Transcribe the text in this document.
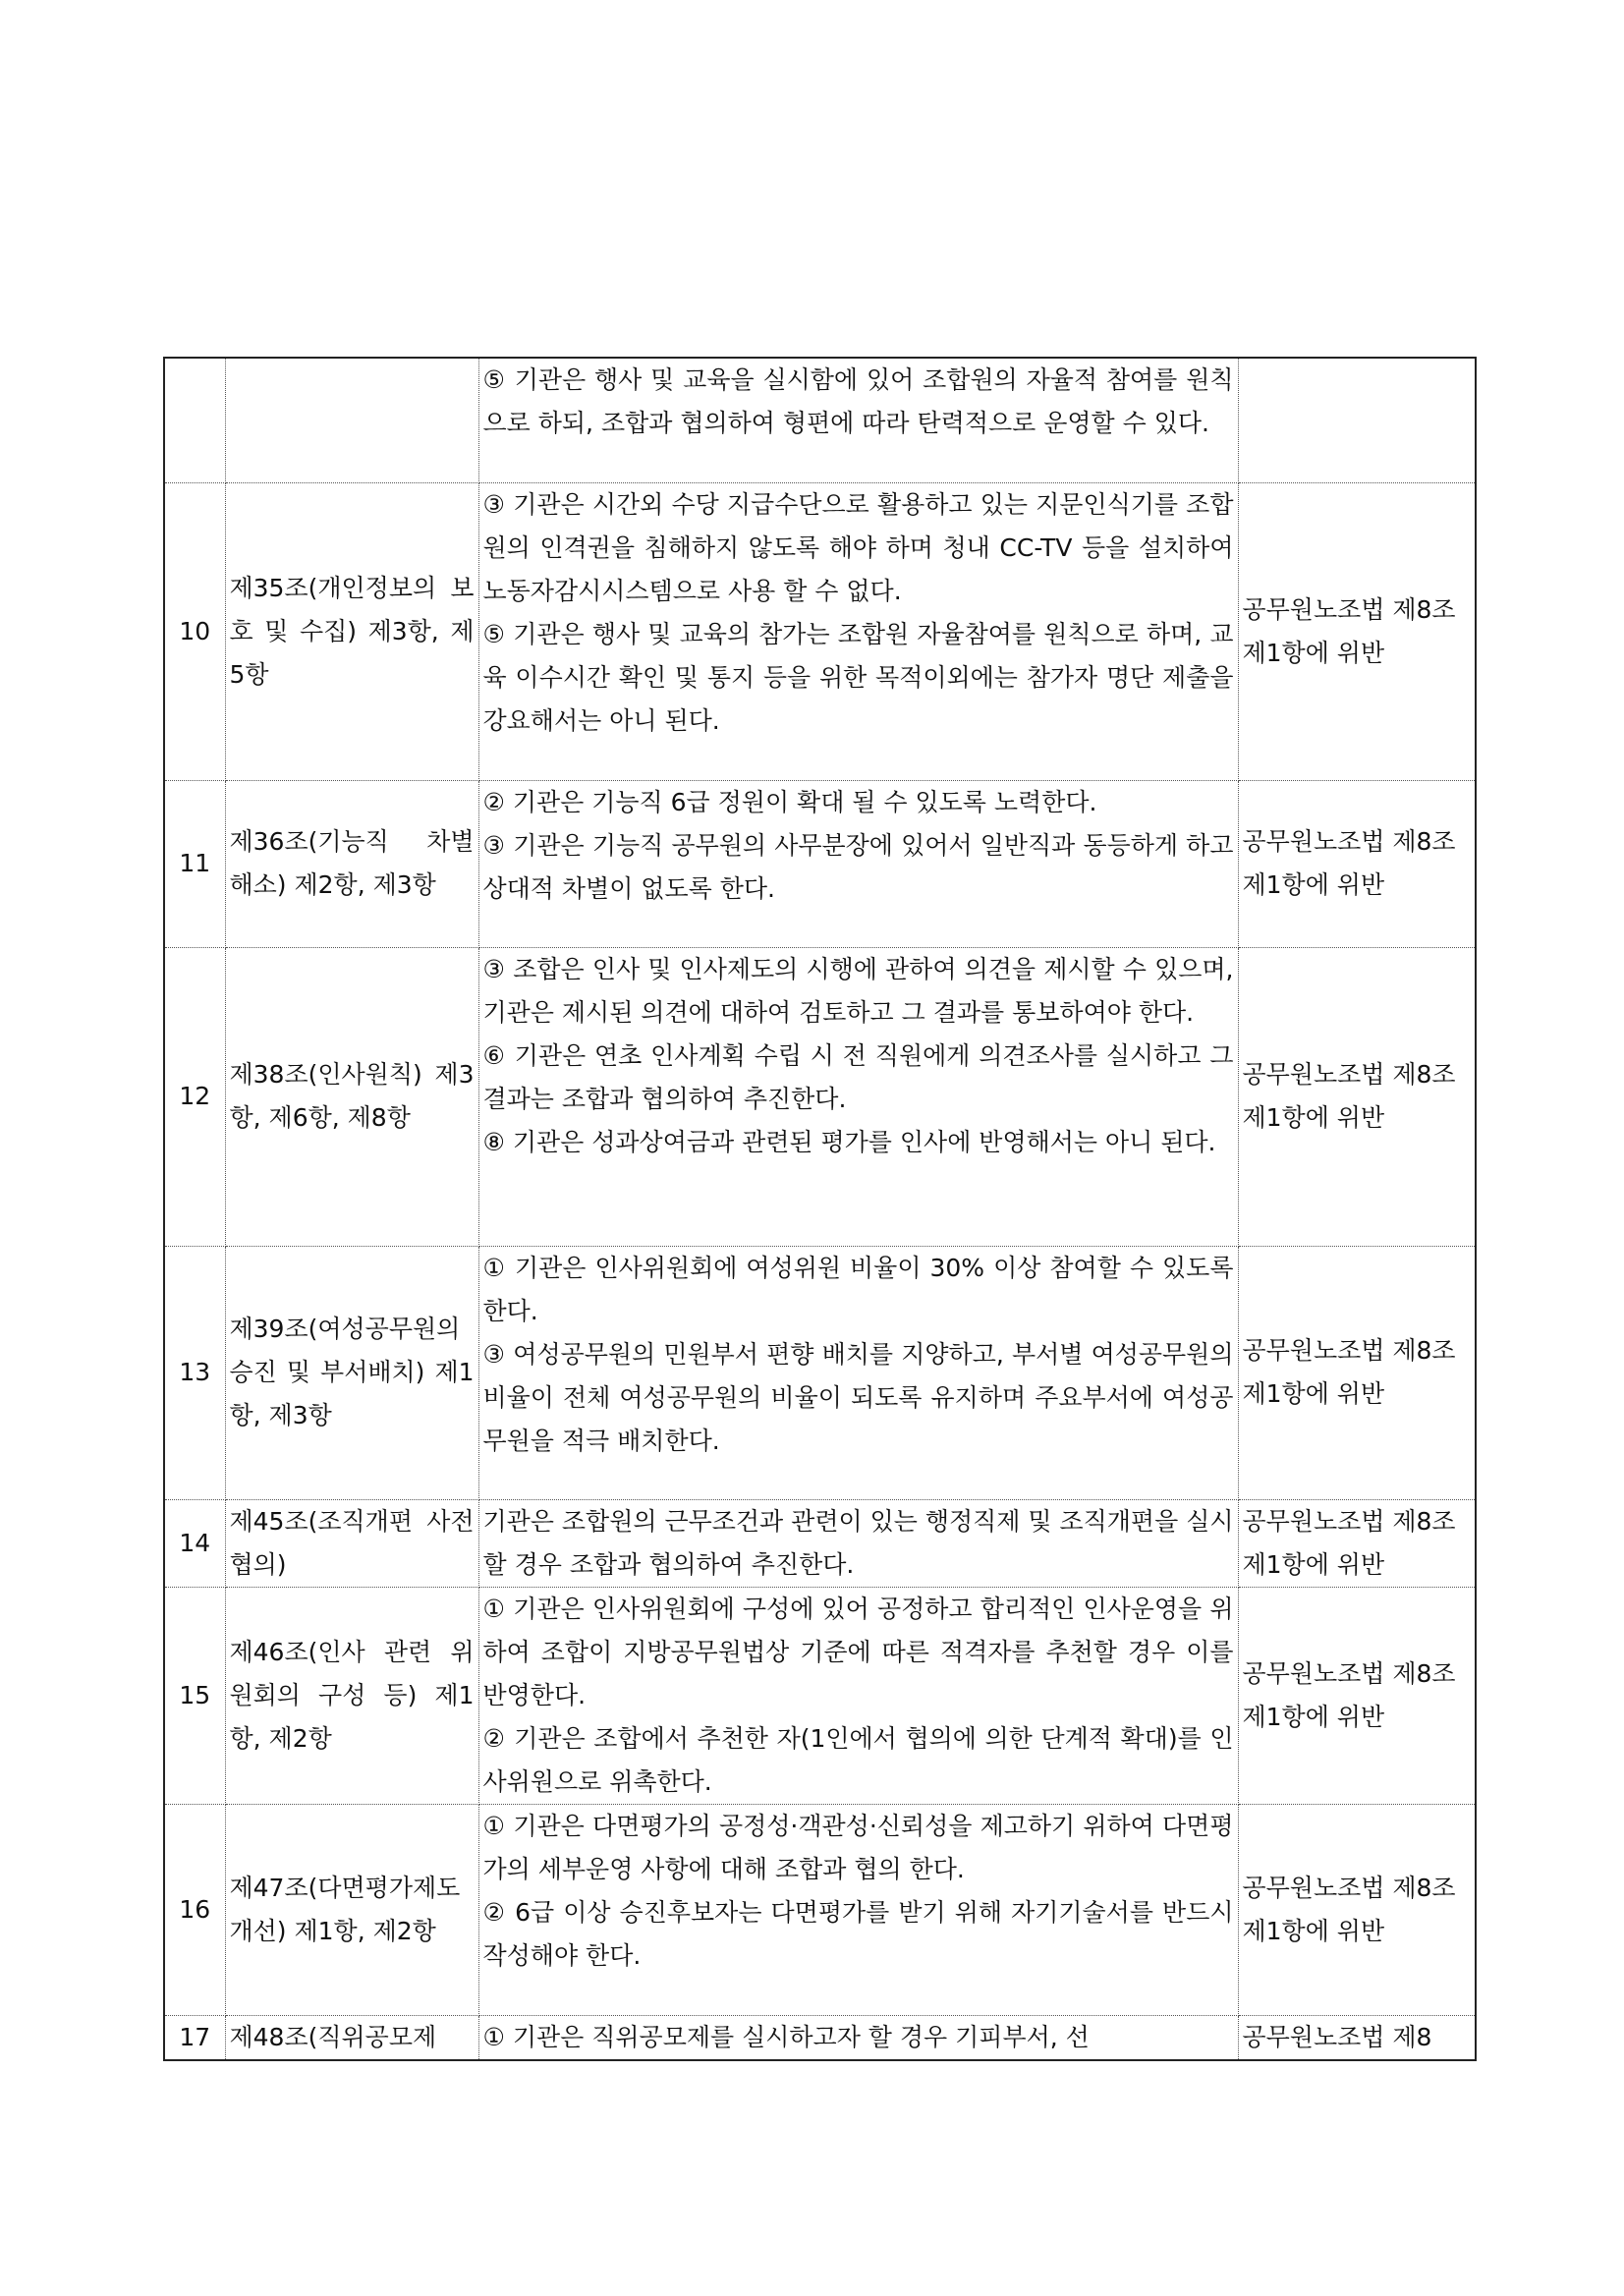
		⑤ 기관은 행사 및 교육을 실시함에 있어 조합원의 자율적 참여를 원칙으로 하되, 조합과 협의하여 형편에 따라 탄력적으로 운영할 수 있다.	

10	제35조(개인정보의 보호 및 수집) 제3항, 제5항	③ 기관은 시간외 수당 지급수단으로 활용하고 있는 지문인식기를 조합원의 인격권을 침해하지 않도록 해야 하며 청내 CC-TV 등을 설치하여 노동자감시시스템으로 사용 할 수 없다.
⑤ 기관은 행사 및 교육의 참가는 조합원 자율참여를 원칙으로 하며, 교육 이수시간 확인 및 통지 등을 위한 목적이외에는 참가자 명단 제출을 강요해서는 아니 된다.	공무원노조법 제8조 제1항에 위반
11	제36조(기능직 차별 해소) 제2항, 제3항	② 기관은 기능직 6급 정원이 확대 될 수 있도록 노력한다.
③ 기관은 기능직 공무원의 사무분장에 있어서 일반직과 동등하게 하고 상대적 차별이 없도록 한다.	공무원노조법 제8조 제1항에 위반
12	제38조(인사원칙) 제3항, 제6항, 제8항	③ 조합은 인사 및 인사제도의 시행에 관하여 의견을 제시할 수 있으며, 기관은 제시된 의견에 대하여 검토하고 그 결과를 통보하여야 한다.
⑥ 기관은 연초 인사계획 수립 시 전 직원에게 의견조사를 실시하고 그 결과는 조합과 협의하여 추진한다.
⑧ 기관은 성과상여금과 관련된 평가를 인사에 반영해서는 아니 된다.	공무원노조법 제8조 제1항에 위반
13	제39조(여성공무원의 승진 및 부서배치) 제1항, 제3항	① 기관은 인사위원회에 여성위원 비율이 30% 이상 참여할 수 있도록 한다.
③ 여성공무원의 민원부서 편향 배치를 지양하고, 부서별 여성공무원의 비율이 전체 여성공무원의 비율이 되도록 유지하며 주요부서에 여성공무원을 적극 배치한다.	공무원노조법 제8조 제1항에 위반
14	제45조(조직개편 사전협의)	기관은 조합원의 근무조건과 관련이 있는 행정직제 및 조직개편을 실시할 경우 조합과 협의하여 추진한다.	공무원노조법 제8조 제1항에 위반
15	제46조(인사 관련 위원회의 구성 등) 제1항, 제2항	① 기관은 인사위원회에 구성에 있어 공정하고 합리적인 인사운영을 위하여 조합이 지방공무원법상 기준에 따른 적격자를 추천할 경우 이를 반영한다.
② 기관은 조합에서 추천한 자(1인에서 협의에 의한 단계적 확대)를 인사위원으로 위촉한다.	공무원노조법 제8조 제1항에 위반
16	제47조(다면평가제도 개선) 제1항, 제2항	① 기관은 다면평가의 공정성·객관성·신뢰성을 제고하기 위하여 다면평가의 세부운영 사항에 대해 조합과 협의 한다.
② 6급 이상 승진후보자는 다면평가를 받기 위해 자기기술서를 반드시 작성해야 한다.	공무원노조법 제8조 제1항에 위반
17	제48조(직위공모제	① 기관은 직위공모제를 실시하고자 할 경우 기피부서, 선	공무원노조법 제8
